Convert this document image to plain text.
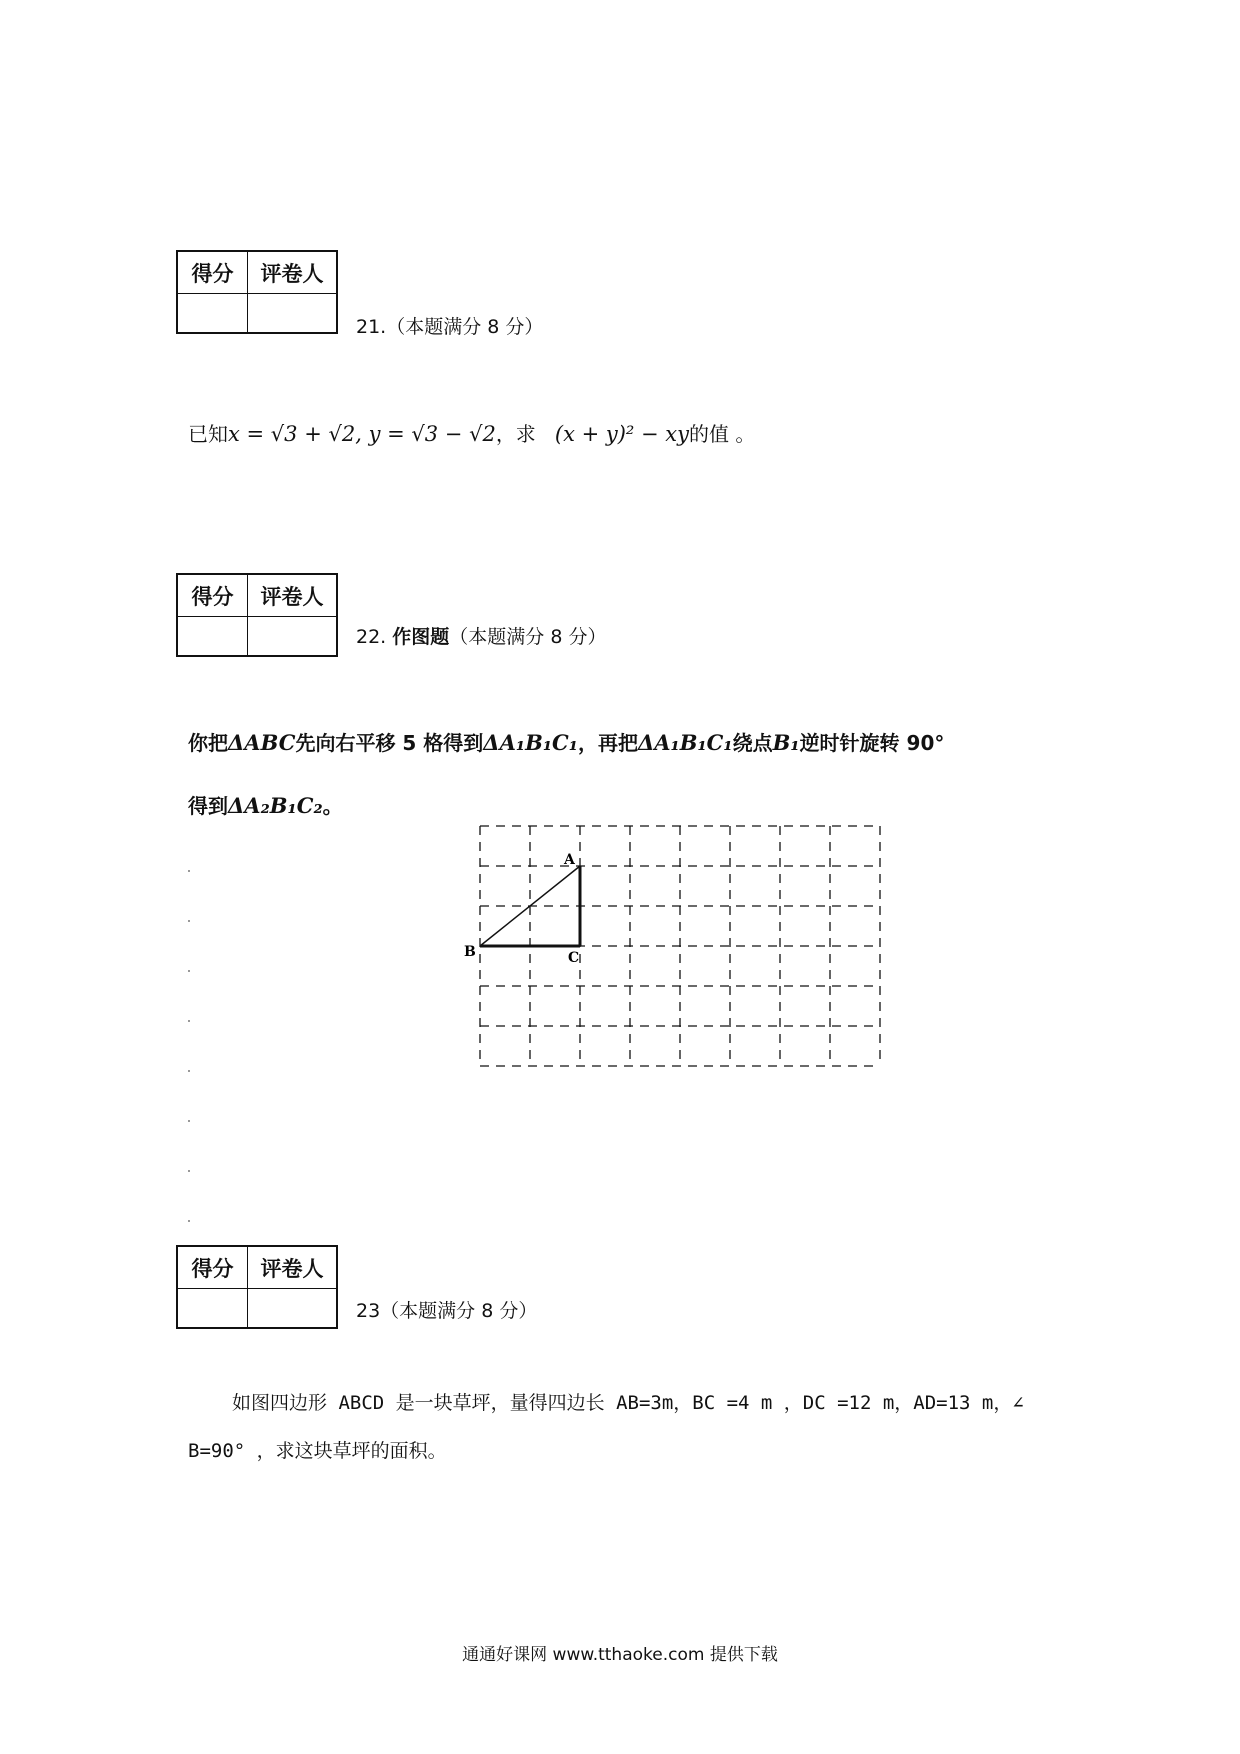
得分	评卷人
21.（本题满分 8 分）
已知x = √3 + √2, y = √3 − √2，求 (x + y)² − xy的值 。
得分	评卷人
22. 作图题（本题满分 8 分）
你把ΔABC先向右平移 5 格得到ΔA₁B₁C₁，再把ΔA₁B₁C₁绕点B₁逆时针旋转 90°
得到ΔA₂B₁C₂。
A
B	C
得分	评卷人
23（本题满分 8 分）
如图四边形 ABCD 是一块草坪，量得四边长 AB=3m，BC =4 m ，DC =12 m，AD=13 m，∠
B=90° ，求这块草坪的面积。
通通好课网 www.tthaoke.com 提供下载
